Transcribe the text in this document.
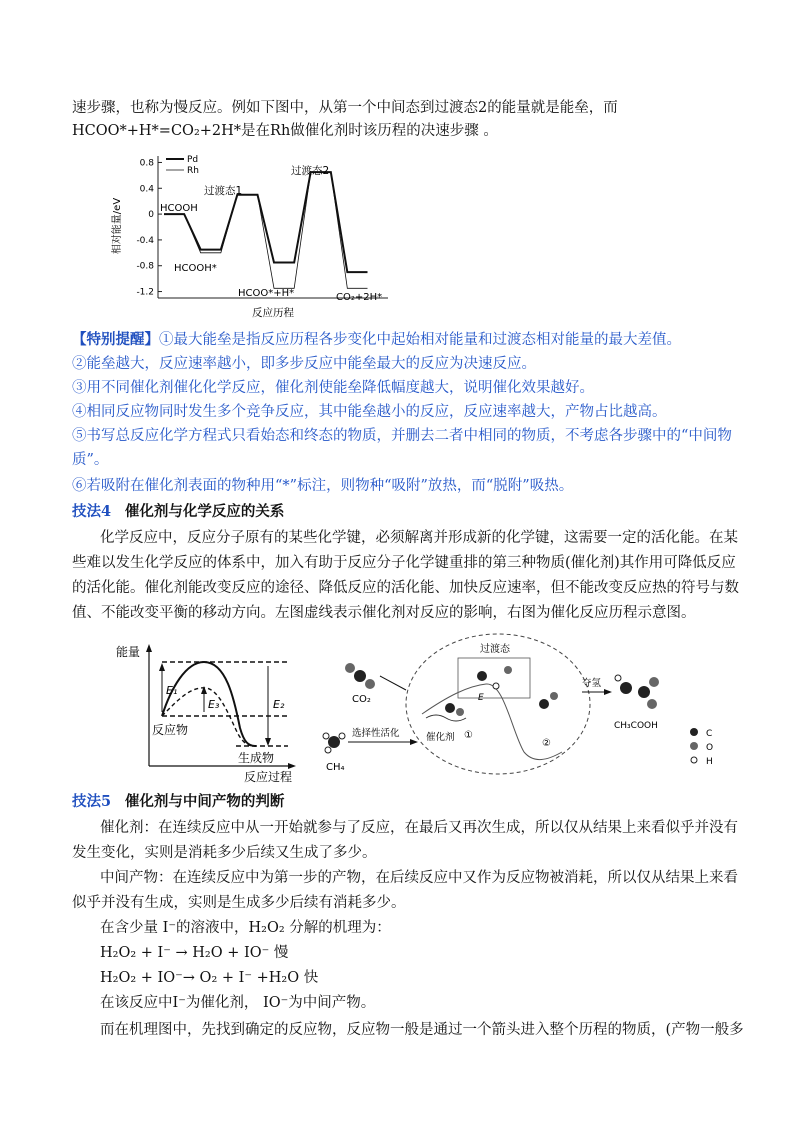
速步骤，也称为慢反应。例如下图中，从第一个中间态到过渡态2的能量就是能垒，而
HCOO*+H*=CO₂+2H*是在Rh做催化剂时该历程的决速步骤 。
相对能量/eV
0.8
0.4
0
-0.4
-0.8
-1.2
Pd
Rh
过渡态1
过渡态2
HCOOH
HCOOH*
HCOO*+H*	CO₂+2H*
反应历程
【特别提醒】①最大能垒是指反应历程各步变化中起始相对能量和过渡态相对能量的最大差值。
②能垒越大，反应速率越小，即多步反应中能垒最大的反应为决速反应。
③用不同催化剂催化化学反应，催化剂使能垒降低幅度越大，说明催化效果越好。
④相同反应物同时发生多个竞争反应，其中能垒越小的反应，反应速率越大，产物占比越高。
⑤书写总反应化学方程式只看始态和终态的物质，并删去二者中相同的物质，不考虑各步骤中的“中间物
质”。
⑥若吸附在催化剂表面的物种用“*”标注，则物种“吸附”放热，而“脱附”吸热。
技法4 催化剂与化学反应的关系
化学反应中，反应分子原有的某些化学键，必须解离并形成新的化学键，这需要一定的活化能。在某
些难以发生化学反应的体系中，加入有助于反应分子化学键重排的第三种物质(催化剂)其作用可降低反应
的活化能。催化剂能改变反应的途径、降低反应的活化能、加快反应速率，但不能改变反应热的符号与数
值、不能改变平衡的移动方向。左图虚线表示催化剂对反应的影响，右图为催化反应历程示意图。
能量
E₁
E₃	E₂
反应物
生成物
反应过程
CO₂
CH₄
选择性活化	催化剂 ①
过渡态
E
②
夺氢
CH₃COOH
C
O
H
技法5 催化剂与中间产物的判断
催化剂：在连续反应中从一开始就参与了反应，在最后又再次生成，所以仅从结果上来看似乎并没有
发生变化，实则是消耗多少后续又生成了多少。
中间产物：在连续反应中为第一步的产物，在后续反应中又作为反应物被消耗，所以仅从结果上来看
似乎并没有生成，实则是生成多少后续有消耗多少。
在含少量 I⁻的溶液中，H₂O₂ 分解的机理为：
H₂O₂ + I⁻ → H₂O + IO⁻ 慢
H₂O₂ + IO⁻→ O₂ + I⁻ +H₂O 快
在该反应中I⁻为催化剂， IO⁻为中间产物。
而在机理图中，先找到确定的反应物，反应物一般是通过一个箭头进入整个历程的物质，(产物一般多
